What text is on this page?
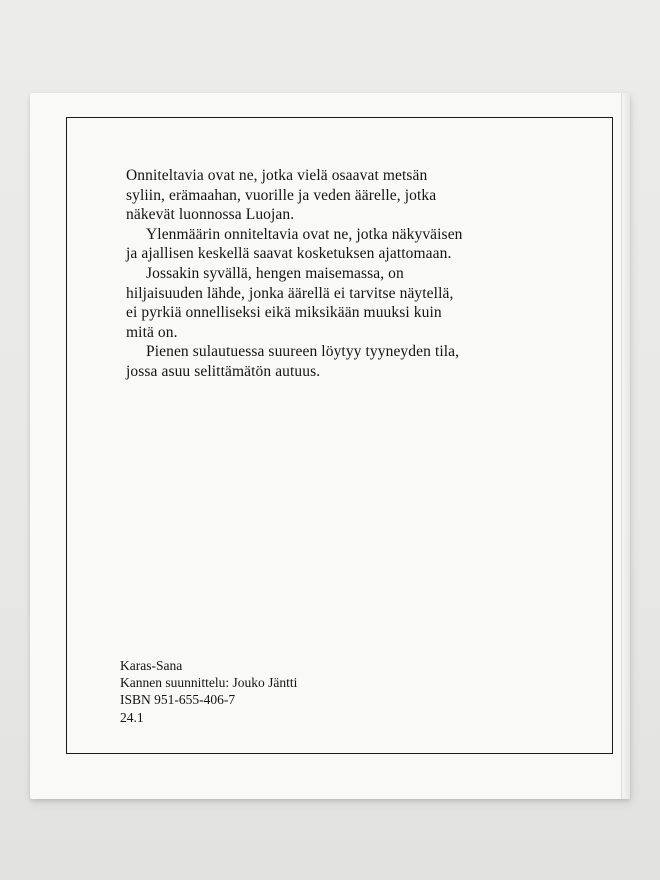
Onniteltavia ovat ne, jotka vielä osaavat metsän

syliin, erämaahan, vuorille ja veden äärelle, jotka

näkevät luonnossa Luojan.

Ylenmäärin onniteltavia ovat ne, jotka näkyväisen

ja ajallisen keskellä saavat kosketuksen ajattomaan.

Jossakin syvällä, hengen maisemassa, on

hiljaisuuden lähde, jonka äärellä ei tarvitse näytellä,

ei pyrkiä onnelliseksi eikä miksikään muuksi kuin

mitä on.

Pienen sulautuessa suureen löytyy tyyneyden tila,

jossa asuu selittämätön autuus.

Karas-Sana
Kannen suunnittelu: Jouko Jäntti
ISBN 951-655-406-7
24.1
